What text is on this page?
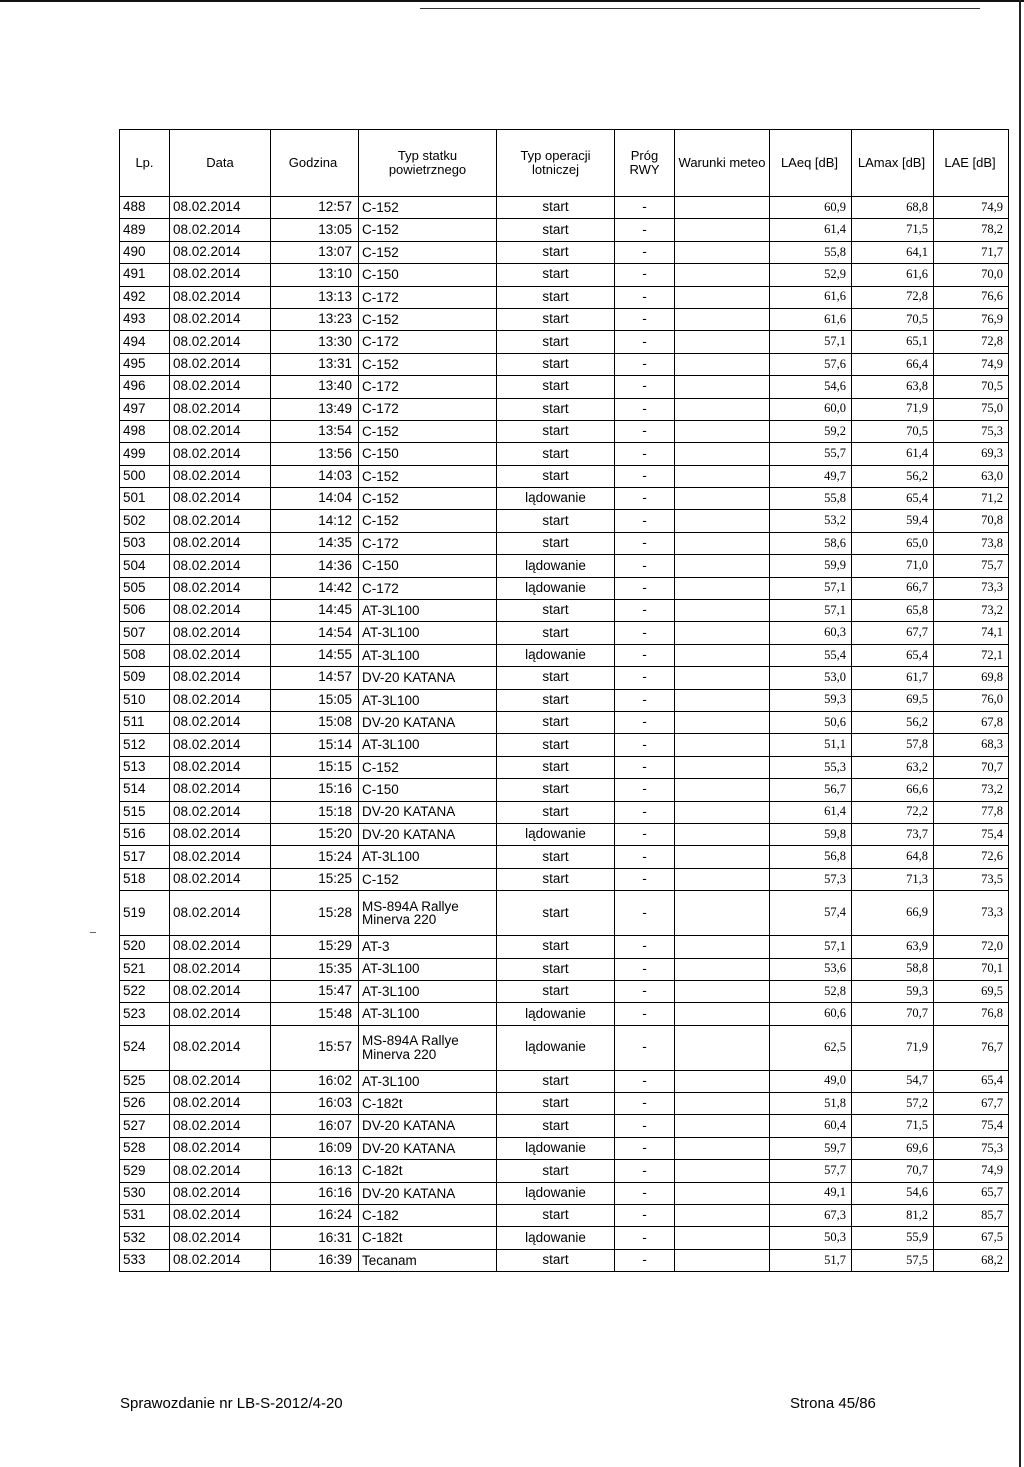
Lp.	Data	Godzina	Typ statku powietrznego	Typ operacji lotniczej	Próg RWY	Warunki meteo	LAeq [dB]	LAmax [dB]	LAE [dB]
488	08.02.2014	12:57	C-152	start	-		60,9	68,8	74,9
489	08.02.2014	13:05	C-152	start	-		61,4	71,5	78,2
490	08.02.2014	13:07	C-152	start	-		55,8	64,1	71,7
491	08.02.2014	13:10	C-150	start	-		52,9	61,6	70,0
492	08.02.2014	13:13	C-172	start	-		61,6	72,8	76,6
493	08.02.2014	13:23	C-152	start	-		61,6	70,5	76,9
494	08.02.2014	13:30	C-172	start	-		57,1	65,1	72,8
495	08.02.2014	13:31	C-152	start	-		57,6	66,4	74,9
496	08.02.2014	13:40	C-172	start	-		54,6	63,8	70,5
497	08.02.2014	13:49	C-172	start	-		60,0	71,9	75,0
498	08.02.2014	13:54	C-152	start	-		59,2	70,5	75,3
499	08.02.2014	13:56	C-150	start	-		55,7	61,4	69,3
500	08.02.2014	14:03	C-152	start	-		49,7	56,2	63,0
501	08.02.2014	14:04	C-152	lądowanie	-		55,8	65,4	71,2
502	08.02.2014	14:12	C-152	start	-		53,2	59,4	70,8
503	08.02.2014	14:35	C-172	start	-		58,6	65,0	73,8
504	08.02.2014	14:36	C-150	lądowanie	-		59,9	71,0	75,7
505	08.02.2014	14:42	C-172	lądowanie	-		57,1	66,7	73,3
506	08.02.2014	14:45	AT-3L100	start	-		57,1	65,8	73,2
507	08.02.2014	14:54	AT-3L100	start	-		60,3	67,7	74,1
508	08.02.2014	14:55	AT-3L100	lądowanie	-		55,4	65,4	72,1
509	08.02.2014	14:57	DV-20 KATANA	start	-		53,0	61,7	69,8
510	08.02.2014	15:05	AT-3L100	start	-		59,3	69,5	76,0
511	08.02.2014	15:08	DV-20 KATANA	start	-		50,6	56,2	67,8
512	08.02.2014	15:14	AT-3L100	start	-		51,1	57,8	68,3
513	08.02.2014	15:15	C-152	start	-		55,3	63,2	70,7
514	08.02.2014	15:16	C-150	start	-		56,7	66,6	73,2
515	08.02.2014	15:18	DV-20 KATANA	start	-		61,4	72,2	77,8
516	08.02.2014	15:20	DV-20 KATANA	lądowanie	-		59,8	73,7	75,4
517	08.02.2014	15:24	AT-3L100	start	-		56,8	64,8	72,6
518	08.02.2014	15:25	C-152	start	-		57,3	71,3	73,5
519	08.02.2014	15:28	MS-894A Rallye Minerva 220	start	-		57,4	66,9	73,3
520	08.02.2014	15:29	AT-3	start	-		57,1	63,9	72,0
521	08.02.2014	15:35	AT-3L100	start	-		53,6	58,8	70,1
522	08.02.2014	15:47	AT-3L100	start	-		52,8	59,3	69,5
523	08.02.2014	15:48	AT-3L100	lądowanie	-		60,6	70,7	76,8
524	08.02.2014	15:57	MS-894A Rallye Minerva 220	lądowanie	-		62,5	71,9	76,7
525	08.02.2014	16:02	AT-3L100	start	-		49,0	54,7	65,4
526	08.02.2014	16:03	C-182t	start	-		51,8	57,2	67,7
527	08.02.2014	16:07	DV-20 KATANA	start	-		60,4	71,5	75,4
528	08.02.2014	16:09	DV-20 KATANA	lądowanie	-		59,7	69,6	75,3
529	08.02.2014	16:13	C-182t	start	-		57,7	70,7	74,9
530	08.02.2014	16:16	DV-20 KATANA	lądowanie	-		49,1	54,6	65,7
531	08.02.2014	16:24	C-182	start	-		67,3	81,2	85,7
532	08.02.2014	16:31	C-182t	lądowanie	-		50,3	55,9	67,5
533	08.02.2014	16:39	Tecanam	start	-		51,7	57,5	68,2
Sprawozdanie nr LB-S-2012/4-20	Strona 45/86
